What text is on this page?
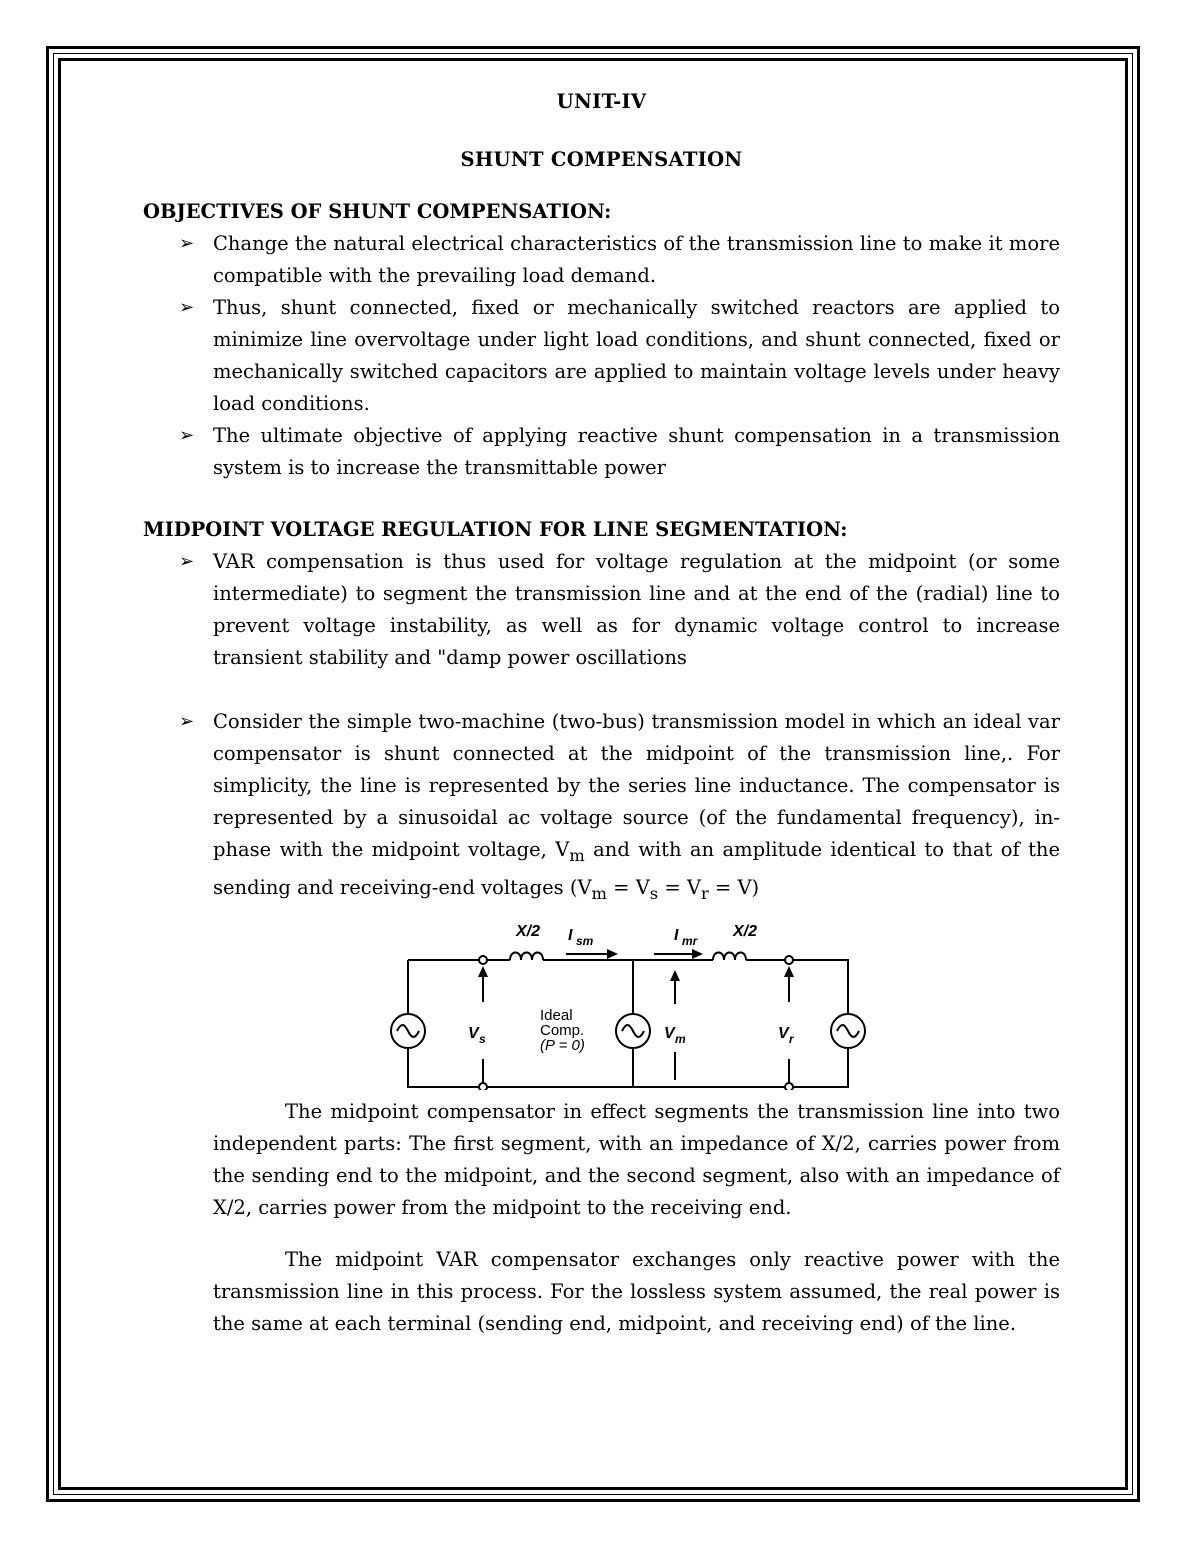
UNIT-IV
SHUNT COMPENSATION
OBJECTIVES OF SHUNT COMPENSATION:
➢ Change the natural electrical characteristics of the transmission line to make it more compatible with the prevailing load demand.
➢ Thus, shunt connected, fixed or mechanically switched reactors are applied to minimize line overvoltage under light load conditions, and shunt connected, fixed or mechanically switched capacitors are applied to maintain voltage levels under heavy load conditions.
➢ The ultimate objective of applying reactive shunt compensation in a transmission system is to increase the transmittable power
MIDPOINT VOLTAGE REGULATION FOR LINE SEGMENTATION:
➢ VAR compensation is thus used for voltage regulation at the midpoint (or some intermediate) to segment the transmission line and at the end of the (radial) line to prevent voltage instability, as well as for dynamic voltage control to increase transient stability and "damp power oscillations
➢ Consider the simple two-machine (two-bus) transmission model in which an ideal var compensator is shunt connected at the midpoint of the transmission line,. For simplicity, the line is represented by the series line inductance. The compensator is represented by a sinusoidal ac voltage source (of the fundamental frequency), in-phase with the midpoint voltage, $V_m$ and with an amplitude identical to that of the sending and receiving-end voltages $(V_m = V_s = V_r = V)$
X/2	X/2
I sm	I mr
V s	V m	V r
Ideal
Comp.
(P = 0)
The midpoint compensator in effect segments the transmission line into two independent parts: The first segment, with an impedance of X/2, carries power from the sending end to the midpoint, and the second segment, also with an impedance of X/2, carries power from the midpoint to the receiving end.
The midpoint VAR compensator exchanges only reactive power with the transmission line in this process. For the lossless system assumed, the real power is the same at each terminal (sending end, midpoint, and receiving end) of the line.
